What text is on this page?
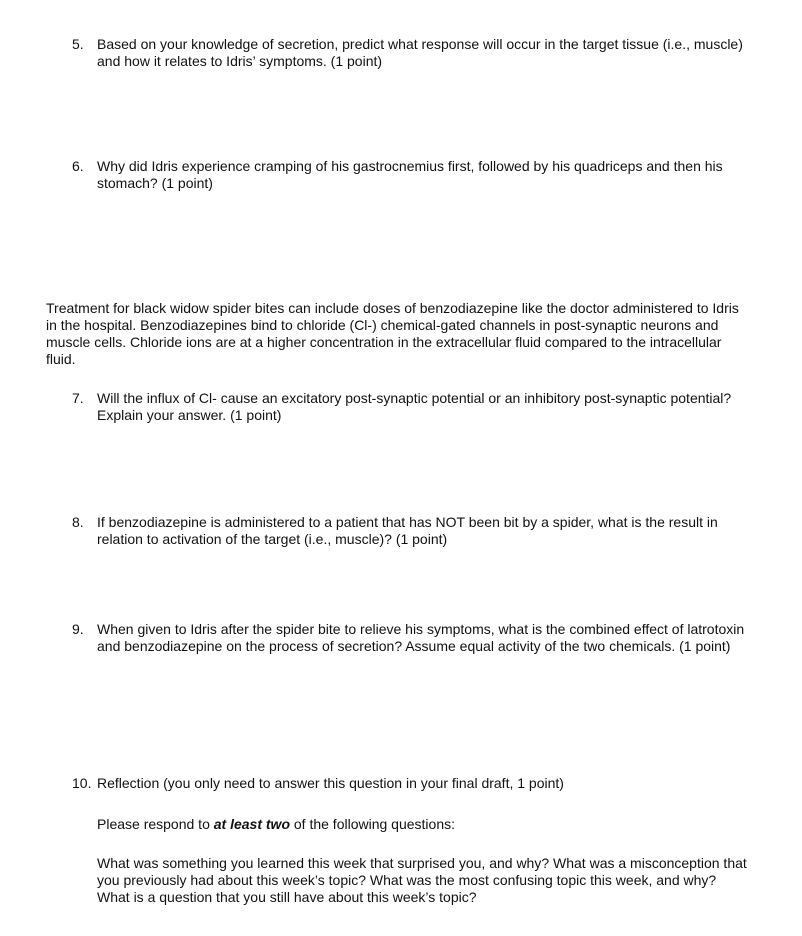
5. Based on your knowledge of secretion, predict what response will occur in the target tissue (i.e., muscle) and how it relates to Idris’ symptoms. (1 point)
6. Why did Idris experience cramping of his gastrocnemius first, followed by his quadriceps and then his stomach? (1 point)
Treatment for black widow spider bites can include doses of benzodiazepine like the doctor administered to Idris in the hospital. Benzodiazepines bind to chloride (Cl-) chemical-gated channels in post-synaptic neurons and muscle cells. Chloride ions are at a higher concentration in the extracellular fluid compared to the intracellular fluid.
7. Will the influx of Cl- cause an excitatory post-synaptic potential or an inhibitory post-synaptic potential? Explain your answer. (1 point)
8. If benzodiazepine is administered to a patient that has NOT been bit by a spider, what is the result in relation to activation of the target (i.e., muscle)? (1 point)
9. When given to Idris after the spider bite to relieve his symptoms, what is the combined effect of latrotoxin and benzodiazepine on the process of secretion? Assume equal activity of the two chemicals. (1 point)
10. Reflection (you only need to answer this question in your final draft, 1 point)
Please respond to at least two of the following questions:
What was something you learned this week that surprised you, and why? What was a misconception that you previously had about this week’s topic? What was the most confusing topic this week, and why? What is a question that you still have about this week’s topic?
